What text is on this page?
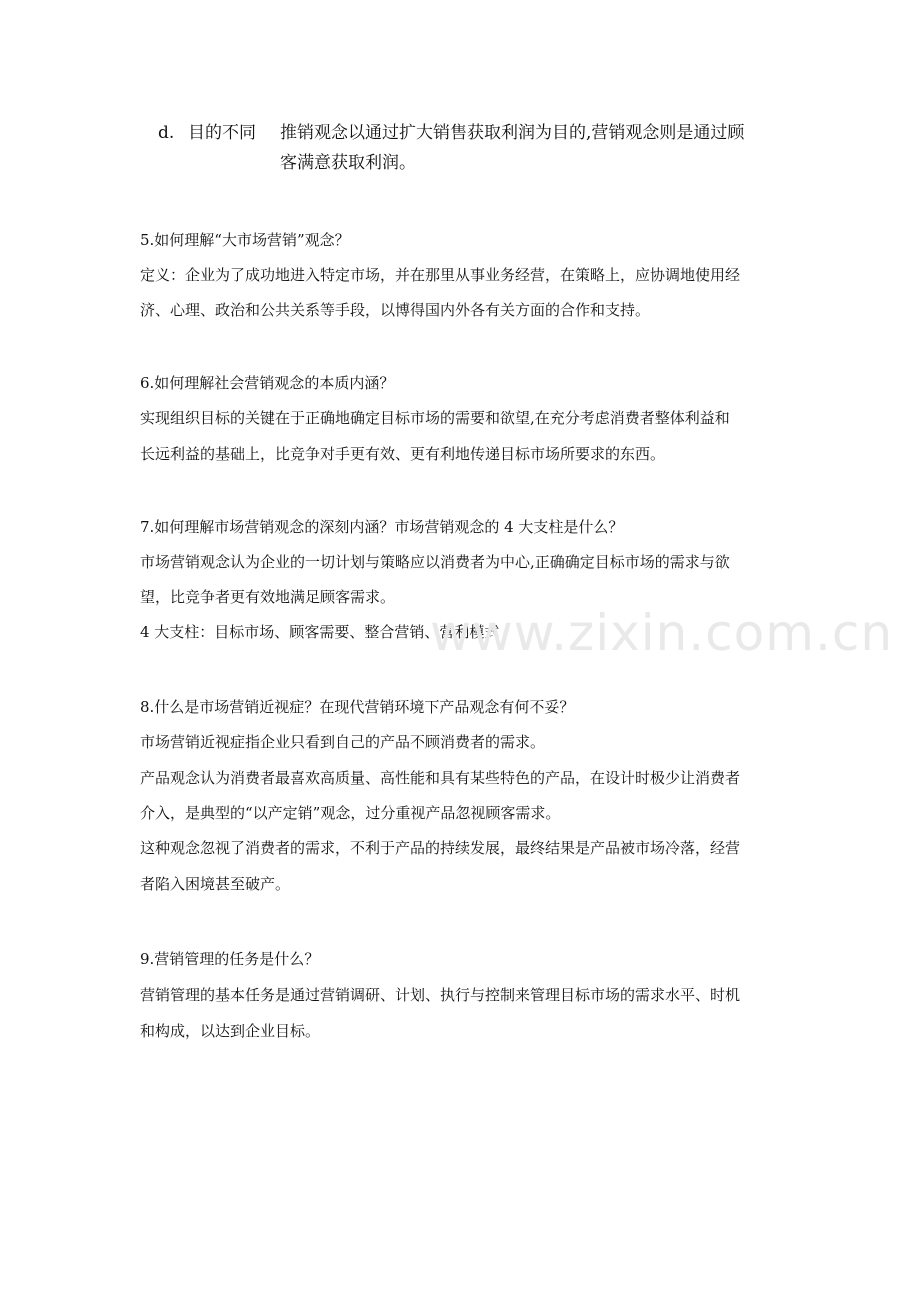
d. 目的不同 推销观念以通过扩大销售获取利润为目的,营销观念则是通过顾
客满意获取利润。
5.如何理解“大市场营销”观念？
定义：企业为了成功地进入特定市场，并在那里从事业务经营，在策略上，应协调地使用经
济、心理、政治和公共关系等手段，以博得国内外各有关方面的合作和支持。
6.如何理解社会营销观念的本质内涵？
实现组织目标的关键在于正确地确定目标市场的需要和欲望,在充分考虑消费者整体利益和
长远利益的基础上，比竞争对手更有效、更有利地传递目标市场所要求的东西。
7.如何理解市场营销观念的深刻内涵？市场营销观念的 4 大支柱是什么？
市场营销观念认为企业的一切计划与策略应以消费者为中心,正确确定目标市场的需求与欲
望，比竞争者更有效地满足顾客需求。
4 大支柱：目标市场、顾客需要、整合营销、营利模式
8.什么是市场营销近视症？在现代营销环境下产品观念有何不妥？
市场营销近视症指企业只看到自己的产品不顾消费者的需求。
产品观念认为消费者最喜欢高质量、高性能和具有某些特色的产品，在设计时极少让消费者
介入，是典型的“以产定销”观念，过分重视产品忽视顾客需求。
这种观念忽视了消费者的需求，不利于产品的持续发展，最终结果是产品被市场冷落，经营
者陷入困境甚至破产。
9.营销管理的任务是什么？
营销管理的基本任务是通过营销调研、计划、执行与控制来管理目标市场的需求水平、时机
和构成，以达到企业目标。
www.zixin.com.cn
